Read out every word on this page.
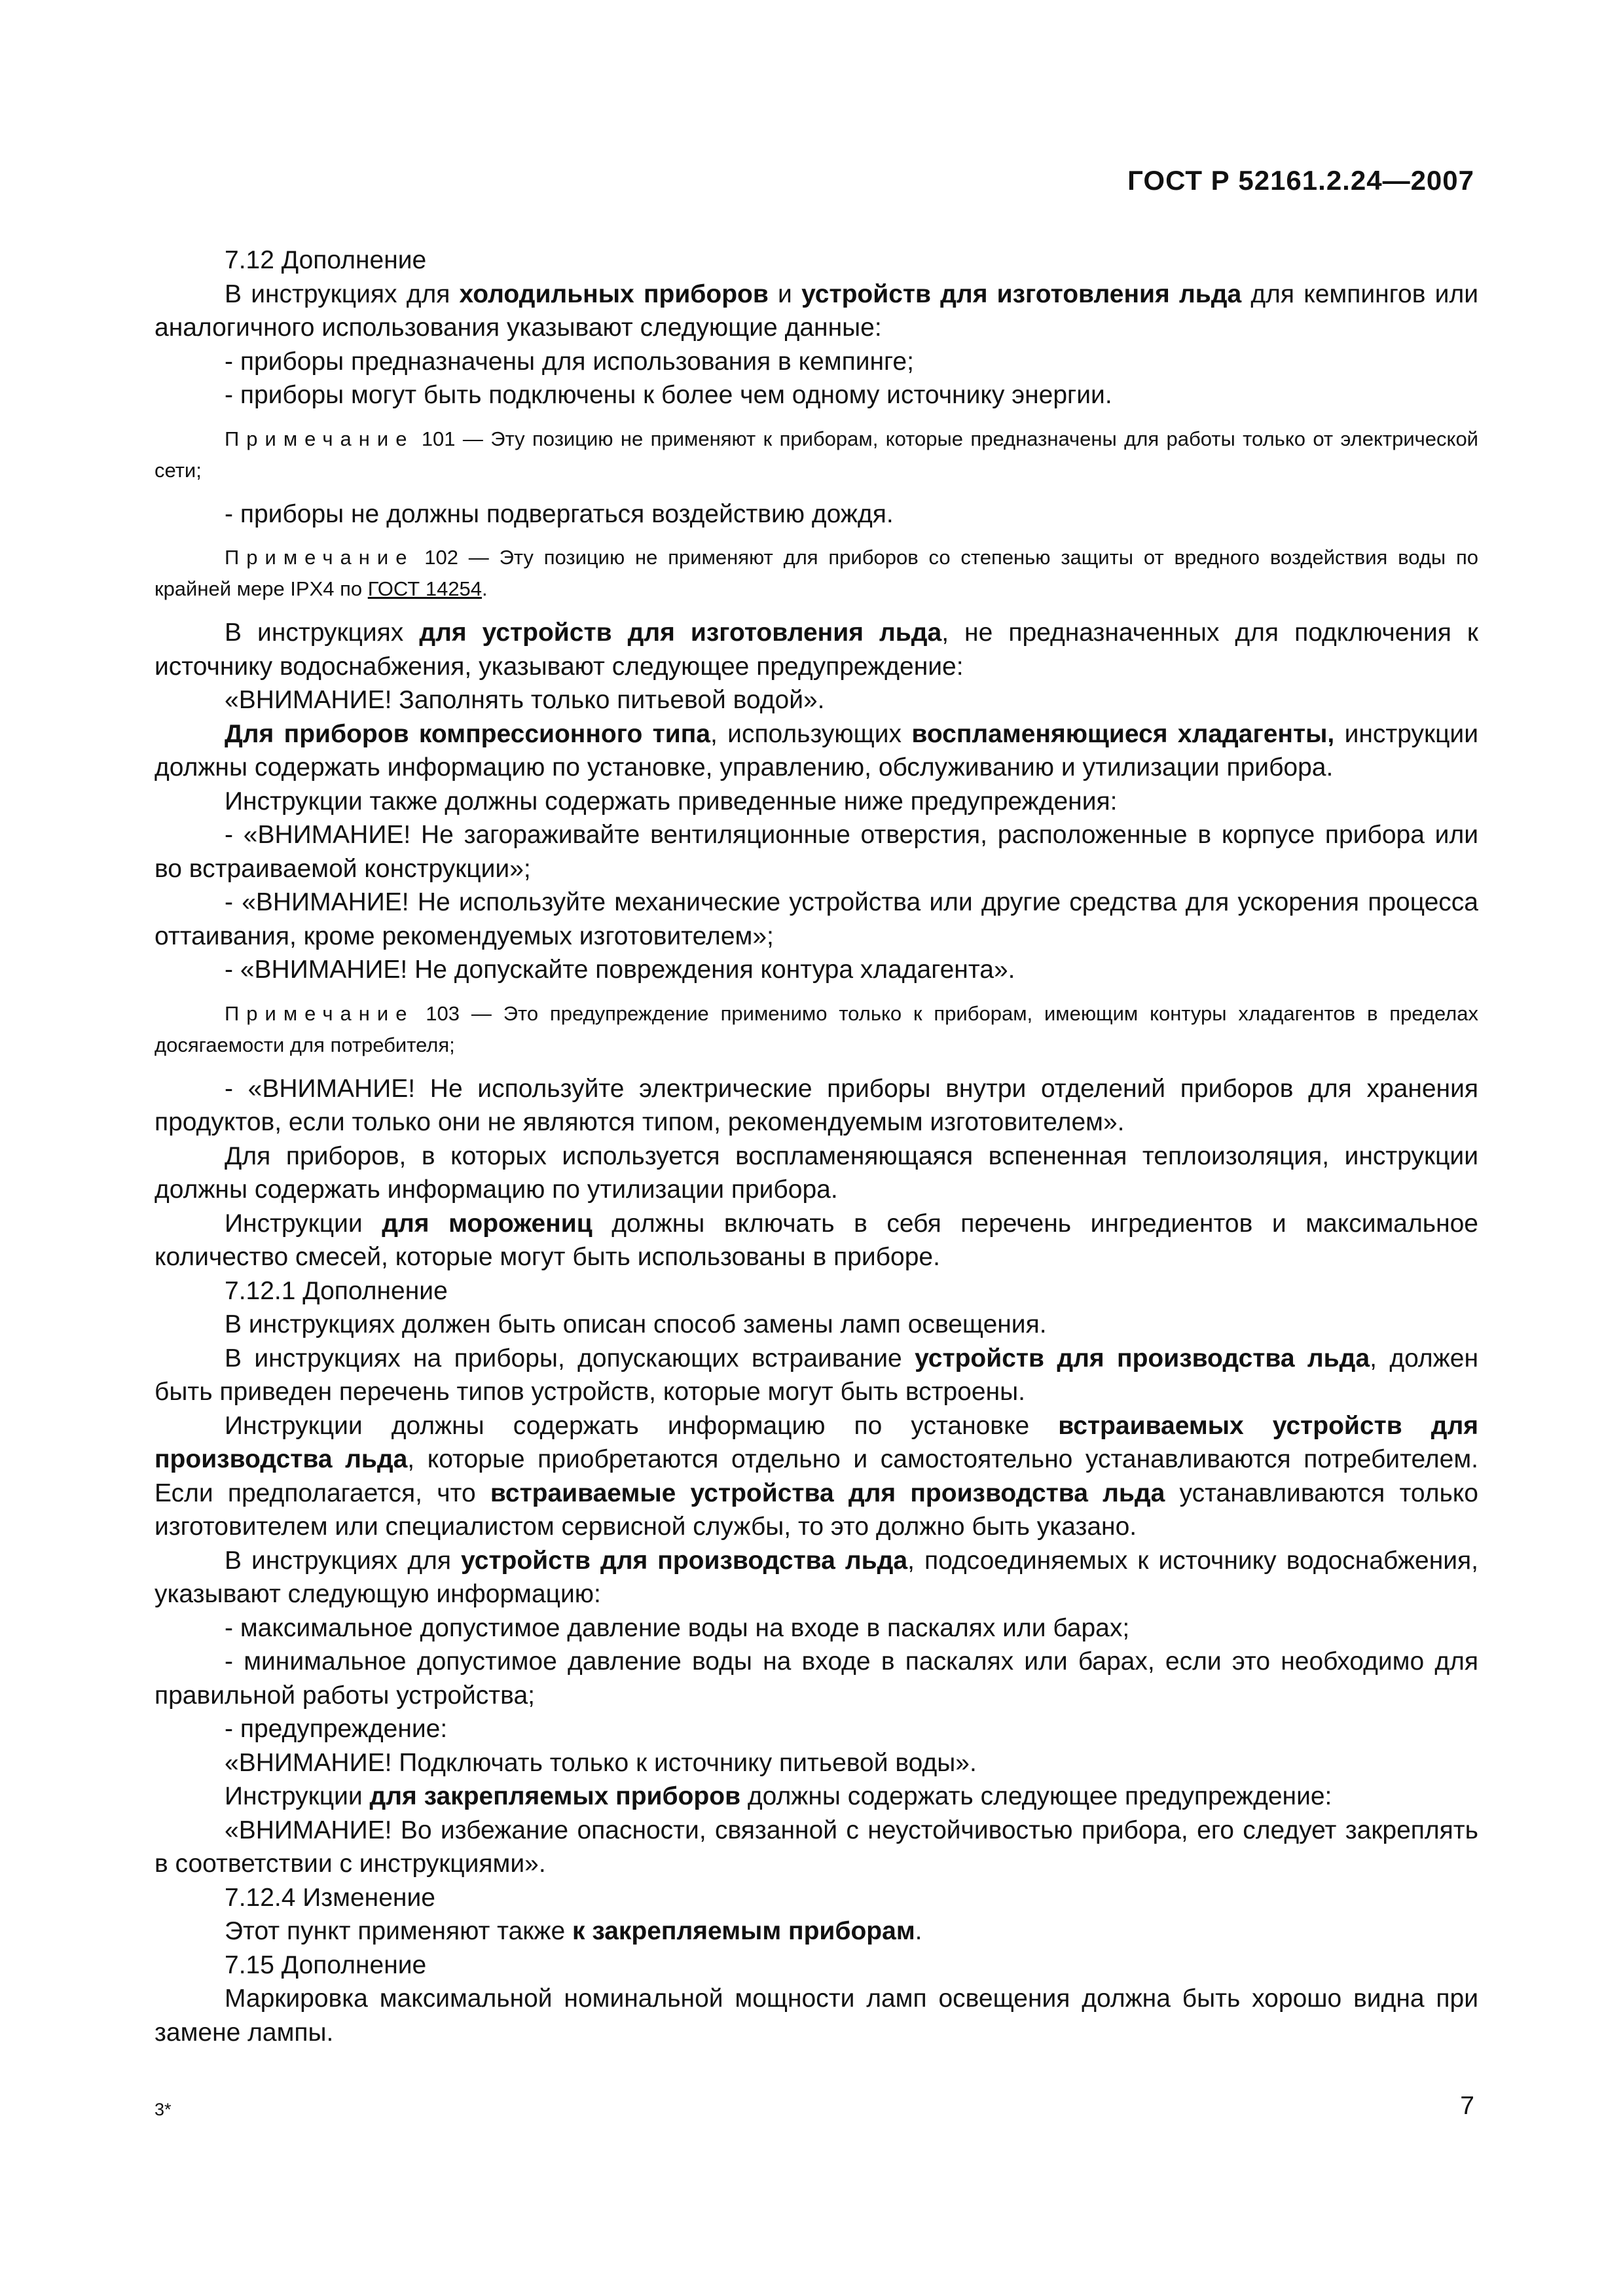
ГОСТ Р 52161.2.24—2007

7.12 Дополнение

В инструкциях для холодильных приборов и устройств для изготовления льда для кемпингов или аналогичного использования указывают следующие данные:

- приборы предназначены для использования в кемпинге;

- приборы могут быть подключены к более чем одному источнику энергии.

Примечание 101 — Эту позицию не применяют к приборам, которые предназначены для работы только от электрической сети;

- приборы не должны подвергаться воздействию дождя.

Примечание 102 — Эту позицию не применяют для приборов со степенью защиты от вредного воздействия воды по крайней мере IPX4 по ГОСТ 14254.

В инструкциях для устройств для изготовления льда, не предназначенных для подключения к источнику водоснабжения, указывают следующее предупреждение:

«ВНИМАНИЕ! Заполнять только питьевой водой».

Для приборов компрессионного типа, использующих воспламеняющиеся хладагенты, инструкции должны содержать информацию по установке, управлению, обслуживанию и утилизации прибора.

Инструкции также должны содержать приведенные ниже предупреждения:

- «ВНИМАНИЕ! Не загораживайте вентиляционные отверстия, расположенные в корпусе прибора или во встраиваемой конструкции»;

- «ВНИМАНИЕ! Не используйте механические устройства или другие средства для ускорения процесса оттаивания, кроме рекомендуемых изготовителем»;

- «ВНИМАНИЕ! Не допускайте повреждения контура хладагента».

Примечание 103 — Это предупреждение применимо только к приборам, имеющим контуры хладагентов в пределах досягаемости для потребителя;

- «ВНИМАНИЕ! Не используйте электрические приборы внутри отделений приборов для хранения продуктов, если только они не являются типом, рекомендуемым изготовителем».

Для приборов, в которых используется воспламеняющаяся вспененная теплоизоляция, инструкции должны содержать информацию по утилизации прибора.

Инструкции для морожениц должны включать в себя перечень ингредиентов и максимальное количество смесей, которые могут быть использованы в приборе.

7.12.1 Дополнение

В инструкциях должен быть описан способ замены ламп освещения.

В инструкциях на приборы, допускающих встраивание устройств для производства льда, должен быть приведен перечень типов устройств, которые могут быть встроены.

Инструкции должны содержать информацию по установке встраиваемых устройств для производства льда, которые приобретаются отдельно и самостоятельно устанавливаются потребителем. Если предполагается, что встраиваемые устройства для производства льда устанавливаются только изготовителем или специалистом сервисной службы, то это должно быть указано.

В инструкциях для устройств для производства льда, подсоединяемых к источнику водоснабжения, указывают следующую информацию:

- максимальное допустимое давление воды на входе в паскалях или барах;

- минимальное допустимое давление воды на входе в паскалях или барах, если это необходимо для правильной работы устройства;

- предупреждение:

«ВНИМАНИЕ! Подключать только к источнику питьевой воды».

Инструкции для закрепляемых приборов должны содержать следующее предупреждение:

«ВНИМАНИЕ! Во избежание опасности, связанной с неустойчивостью прибора, его следует закреплять в соответствии с инструкциями».

7.12.4 Изменение

Этот пункт применяют также к закрепляемым приборам.

7.15 Дополнение

Маркировка максимальной номинальной мощности ламп освещения должна быть хорошо видна при замене лампы.

3*	7
